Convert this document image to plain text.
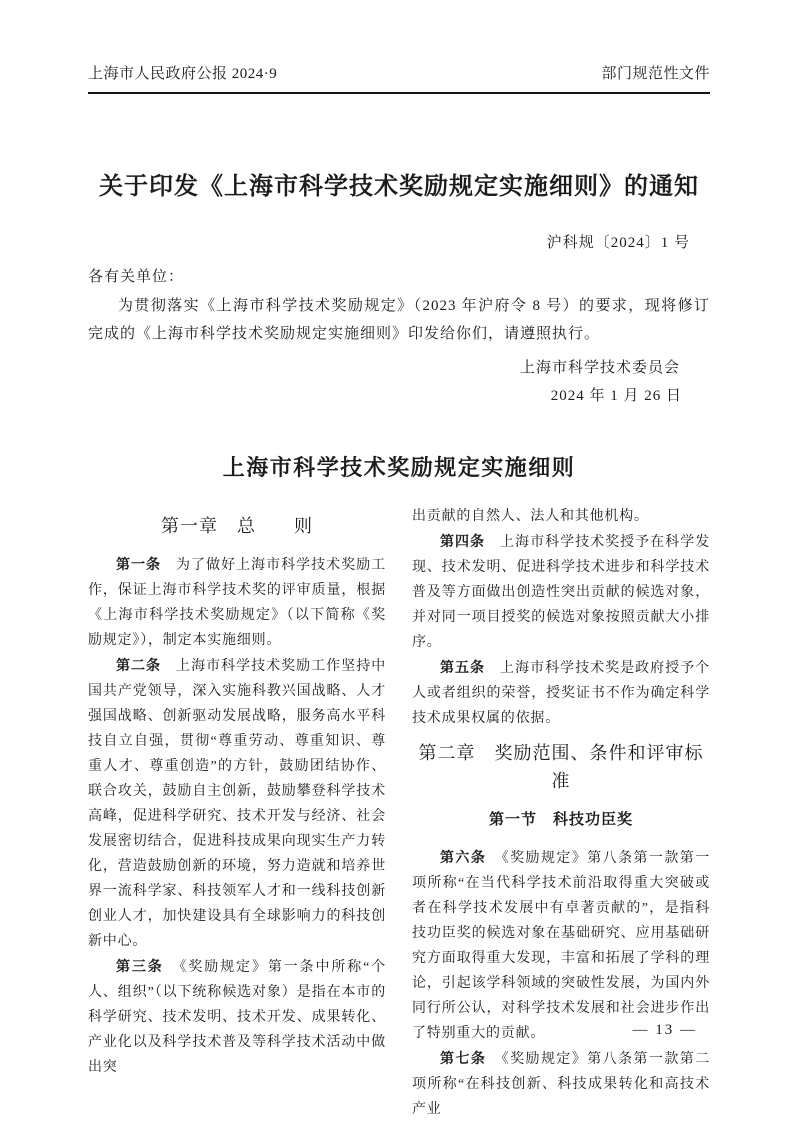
上海市人民政府公报 2024·9	部门规范性文件
关于印发《上海市科学技术奖励规定实施细则》的通知
沪科规〔2024〕1 号
各有关单位：

为贯彻落实《上海市科学技术奖励规定》（2023 年沪府令 8 号）的要求，现将修订完成的《上海市科学技术奖励规定实施细则》印发给你们，请遵照执行。

上海市科学技术委员会
2024 年 1 月 26 日
上海市科学技术奖励规定实施细则
第一章　总　　则

第一条　为了做好上海市科学技术奖励工作，保证上海市科学技术奖的评审质量，根据《上海市科学技术奖励规定》（以下简称《奖励规定》），制定本实施细则。

第二条　上海市科学技术奖励工作坚持中国共产党领导，深入实施科教兴国战略、人才强国战略、创新驱动发展战略，服务高水平科技自立自强，贯彻“尊重劳动、尊重知识、尊重人才、尊重创造”的方针，鼓励团结协作、联合攻关，鼓励自主创新，鼓励攀登科学技术高峰，促进科学研究、技术开发与经济、社会发展密切结合，促进科技成果向现实生产力转化，营造鼓励创新的环境，努力造就和培养世界一流科学家、科技领军人才和一线科技创新创业人才，加快建设具有全球影响力的科技创新中心。

第三条　《奖励规定》第一条中所称“个人、组织”（以下统称候选对象）是指在本市的科学研究、技术发明、技术开发、成果转化、产业化以及科学技术普及等科学技术活动中做出突

出贡献的自然人、法人和其他机构。

第四条　上海市科学技术奖授予在科学发现、技术发明、促进科学技术进步和科学技术普及等方面做出创造性突出贡献的候选对象，并对同一项目授奖的候选对象按照贡献大小排序。

第五条　上海市科学技术奖是政府授予个人或者组织的荣誉，授奖证书不作为确定科学技术成果权属的依据。

第二章　奖励范围、条件和评审标准
第一节　科技功臣奖

第六条　《奖励规定》第八条第一款第一项所称“在当代科学技术前沿取得重大突破或者在科学技术发展中有卓著贡献的”，是指科技功臣奖的候选对象在基础研究、应用基础研究方面取得重大发现，丰富和拓展了学科的理论，引起该学科领域的突破性发展，为国内外同行所公认，对科学技术发展和社会进步作出了特别重大的贡献。

第七条　《奖励规定》第八条第一款第二项所称“在科技创新、科技成果转化和高技术产业

— 13 —
